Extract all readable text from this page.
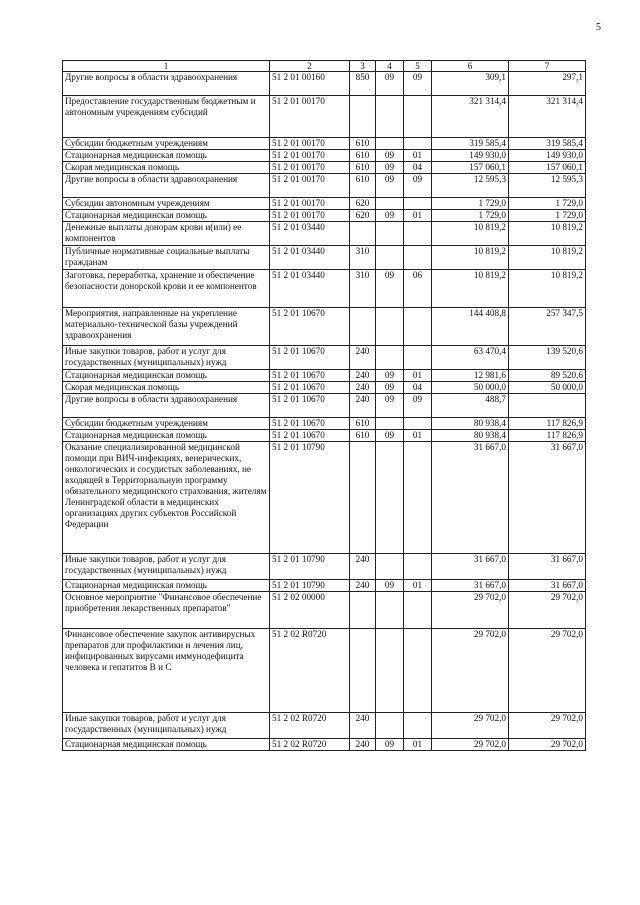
5
1	2	3	4	5	6	7
Другие вопросы в области здравоохранения	51 2 01 00160	850	09	09	309,1	297,1
Предоставление государственным бюджетным и автономным учреждениям субсидий	51 2 01 00170				321 314,4	321 314,4
Субсидии бюджетным учреждениям	51 2 01 00170	610			319 585,4	319 585,4
Стационарная медицинская помощь	51 2 01 00170	610	09	01	149 930,0	149 930,0
Скорая медицинская помощь	51 2 01 00170	610	09	04	157 060,1	157 060,1
Другие вопросы в области здравоохранения	51 2 01 00170	610	09	09	12 595,3	12 595,3
Субсидии автономным учреждениям	51 2 01 00170	620			1 729,0	1 729,0
Стационарная медицинская помощь	51 2 01 00170	620	09	01	1 729,0	1 729,0
Денежные выплаты донорам крови и(или) ее компонентов	51 2 01 03440				10 819,2	10 819,2
Публичные нормативные социальные выплаты гражданам	51 2 01 03440	310			10 819,2	10 819,2
Заготовка, переработка, хранение и обеспечение безопасности донорской крови и ее компонентов	51 2 01 03440	310	09	06	10 819,2	10 819,2
Мероприятия, направленные на укрепление материально-технической базы учреждений здравоохранения	51 2 01 10670				144 408,8	257 347,5
Иные закупки товаров, работ и услуг для государственных (муниципальных) нужд	51 2 01 10670	240			63 470,4	139 520,6
Стационарная медицинская помощь	51 2 01 10670	240	09	01	12 981,6	89 520,6
Скорая медицинская помощь	51 2 01 10670	240	09	04	50 000,0	50 000,0
Другие вопросы в области здравоохранения	51 2 01 10670	240	09	09	488,7	
Субсидии бюджетным учреждениям	51 2 01 10670	610			80 938,4	117 826,9
Стационарная медицинская помощь	51 2 01 10670	610	09	01	80 938,4	117 826,9
Оказание специализированной медицинской помощи при ВИЧ-инфекциях, венерических, онкологических и сосудистых заболеваниях, не входящей в Территориальную программу обязательного медицинского страхования, жителям Ленинградской области в медицинских организациях других субъектов Российской Федерации	51 2 01 10790				31 667,0	31 667,0
Иные закупки товаров, работ и услуг для государственных (муниципальных) нужд	51 2 01 10790	240			31 667,0	31 667,0
Стационарная медицинская помощь	51 2 01 10790	240	09	01	31 667,0	31 667,0
Основное мероприятие "Финансовое обеспечение приобретения лекарственных препаратов"	51 2 02 00000				29 702,0	29 702,0
Финансовое обеспечение закупок антивирусных препаратов для профилактики и лечения лиц, инфицированных вирусами иммунодефицита человека и гепатитов В и С	51 2 02 R0720				29 702,0	29 702,0
Иные закупки товаров, работ и услуг для государственных (муниципальных) нужд	51 2 02 R0720	240			29 702,0	29 702,0
Стационарная медицинская помощь	51 2 02 R0720	240	09	01	29 702,0	29 702,0
